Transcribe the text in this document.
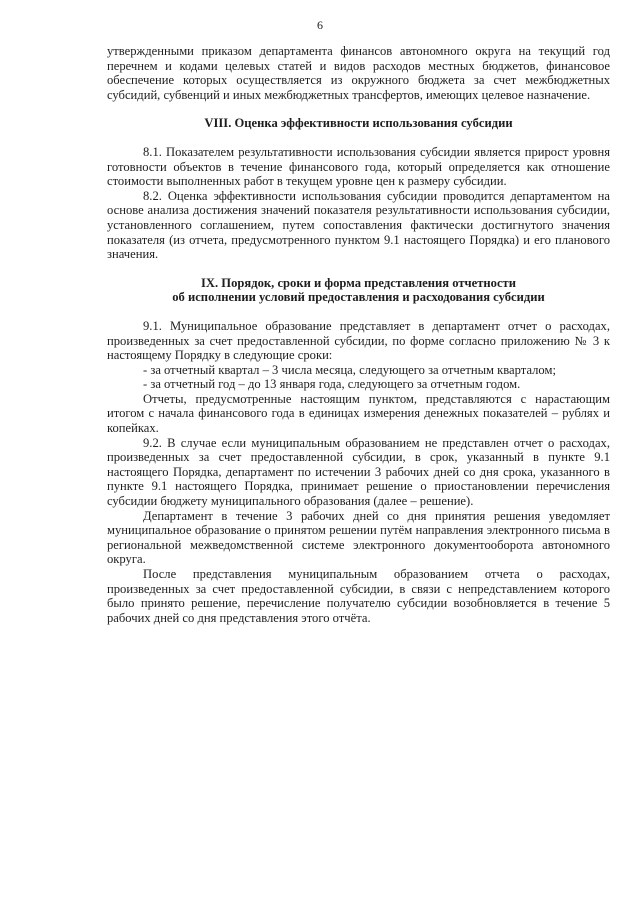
6

утвержденными приказом департамента финансов автономного округа на текущий год перечнем и кодами целевых статей и видов расходов местных бюджетов, финансовое обеспечение которых осуществляется из окружного бюджета за счет межбюджетных субсидий, субвенций и иных межбюджетных трансфертов, имеющих целевое назначение.

VIII. Оценка эффективности использования субсидии

8.1. Показателем результативности использования субсидии является прирост уровня готовности объектов в течение финансового года, который определяется как отношение стоимости выполненных работ в текущем уровне цен к размеру субсидии.

8.2. Оценка эффективности использования субсидии проводится департаментом на основе анализа достижения значений показателя результативности использования субсидии, установленного соглашением, путем сопоставления фактически достигнутого значения показателя (из отчета, предусмотренного пунктом 9.1 настоящего Порядка) и его планового значения.

IX. Порядок, сроки и форма представления отчетности

об исполнении условий предоставления и расходования субсидии

9.1. Муниципальное образование представляет в департамент отчет о расходах, произведенных за счет предоставленной субсидии, по форме согласно приложению № 3 к настоящему Порядку в следующие сроки:

- за отчетный квартал – 3 числа месяца, следующего за отчетным кварталом;

- за отчетный год – до 13 января года, следующего за отчетным годом.

Отчеты, предусмотренные настоящим пунктом, представляются с нарастающим итогом с начала финансового года в единицах измерения денежных показателей – рублях и копейках.

9.2. В случае если муниципальным образованием не представлен отчет о расходах, произведенных за счет предоставленной субсидии, в срок, указанный в пункте 9.1 настоящего Порядка, департамент по истечении 3 рабочих дней со дня срока, указанного в пункте 9.1 настоящего Порядка, принимает решение о приостановлении перечисления субсидии бюджету муниципального образования (далее – решение).

Департамент в течение 3 рабочих дней со дня принятия решения уведомляет муниципальное образование о принятом решении путём направления электронного письма в региональной межведомственной системе электронного документооборота автономного округа.

После представления муниципальным образованием отчета о расходах, произведенных за счет предоставленной субсидии, в связи с непредставлением которого было принято решение, перечисление получателю субсидии возобновляется в течение 5 рабочих дней со дня представления этого отчёта.
